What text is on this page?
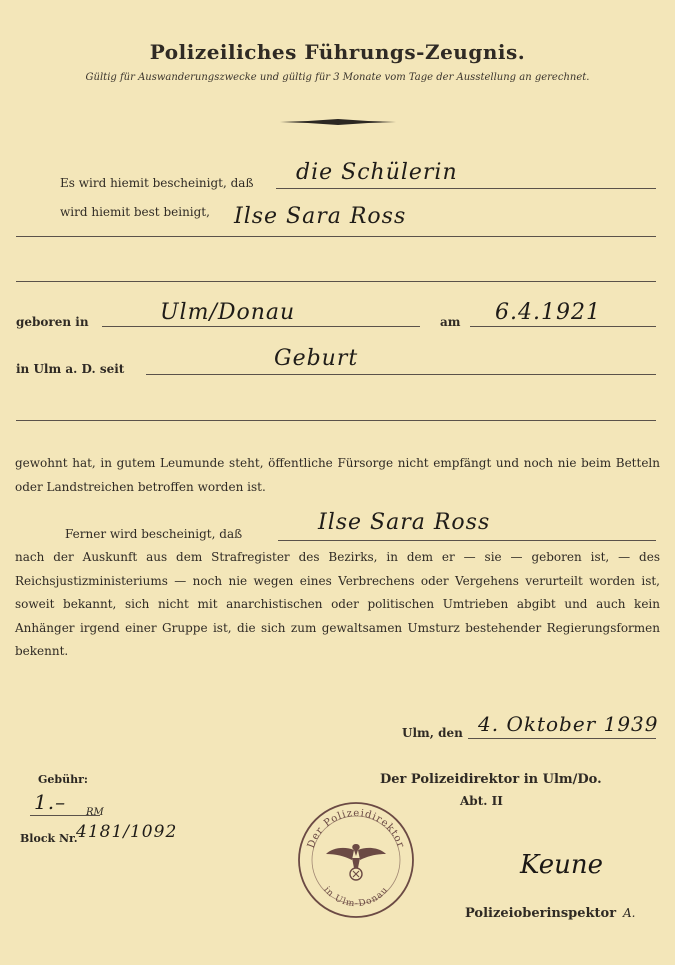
Polizeiliches Führungs-Zeugnis.
Gültig für Auswanderungszwecke und gültig für 3 Monate vom Tage der Ausstellung an gerechnet.
Es wird hiemit bescheinigt, daß die Schülerin
wird hiemit best beinigt, Ilse Sara Ross
geboren in	Ulm/Donau	am 6.4.1921
in Ulm a. D. seit	Geburt
gewohnt hat, in gutem Leumunde steht, öffentliche Fürsorge nicht empfängt und noch nie beim Betteln oder Landstreichen betroffen worden ist.
Ferner wird bescheinigt, daß	Ilse Sara Ross
nach der Auskunft aus dem Strafregister des Bezirks, in dem er — sie — geboren ist, — des Reichsjustizministeriums — noch nie wegen eines Verbrechens oder Vergehens verurteilt worden ist, soweit bekannt, sich nicht mit anarchistischen oder politischen Umtrieben abgibt und auch kein Anhänger irgend einer Gruppe ist, die sich zum gewaltsamen Umsturz bestehender Regierungsformen bekennt.
Ulm, den 4. Oktober 1939
Gebühr:
1.– RM
Block Nr.
4181/1092
Der Polizeidirektor in Ulm/Do.
Abt. II
Keune
Polizeioberinspektor A.
Der Polizeidirektor
in Ulm-Donau
